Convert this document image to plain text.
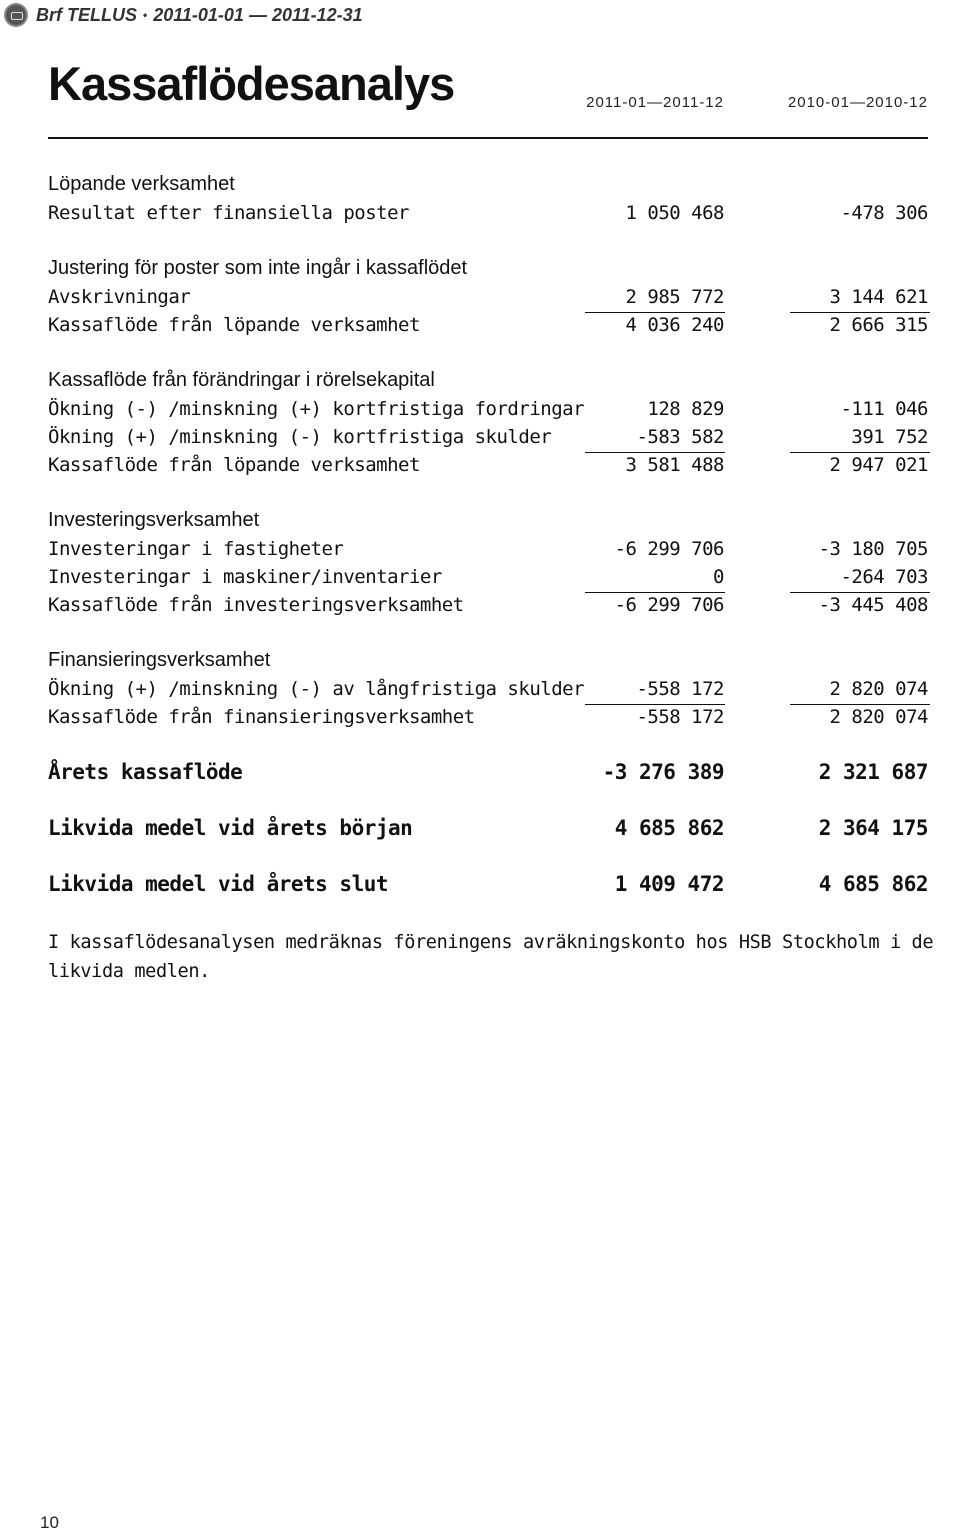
Brf TELLUS • 2011-01-01 — 2011-12-31
Kassaflödesanalys	2011-01—2011-12	2010-01—2010-12
Löpande verksamhet
Resultat efter finansiella poster	1 050 468	-478 306
Justering för poster som inte ingår i kassaflödet
Avskrivningar	2 985 772	3 144 621
Kassaflöde från löpande verksamhet	4 036 240	2 666 315
Kassaflöde från förändringar i rörelsekapital
Ökning (-) /minskning (+) kortfristiga fordringar	128 829	-111 046
Ökning (+) /minskning (-) kortfristiga skulder	-583 582	391 752
Kassaflöde från löpande verksamhet	3 581 488	2 947 021
Investeringsverksamhet
Investeringar i fastigheter	-6 299 706	-3 180 705
Investeringar i maskiner/inventarier	0	-264 703
Kassaflöde från investeringsverksamhet	-6 299 706	-3 445 408
Finansieringsverksamhet
Ökning (+) /minskning (-) av långfristiga skulder	-558 172	2 820 074
Kassaflöde från finansieringsverksamhet	-558 172	2 820 074
Årets kassaflöde	-3 276 389	2 321 687
Likvida medel vid årets början	4 685 862	2 364 175
Likvida medel vid årets slut	1 409 472	4 685 862
I kassaflödesanalysen medräknas föreningens avräkningskonto hos HSB Stockholm i de likvida medlen.
10
